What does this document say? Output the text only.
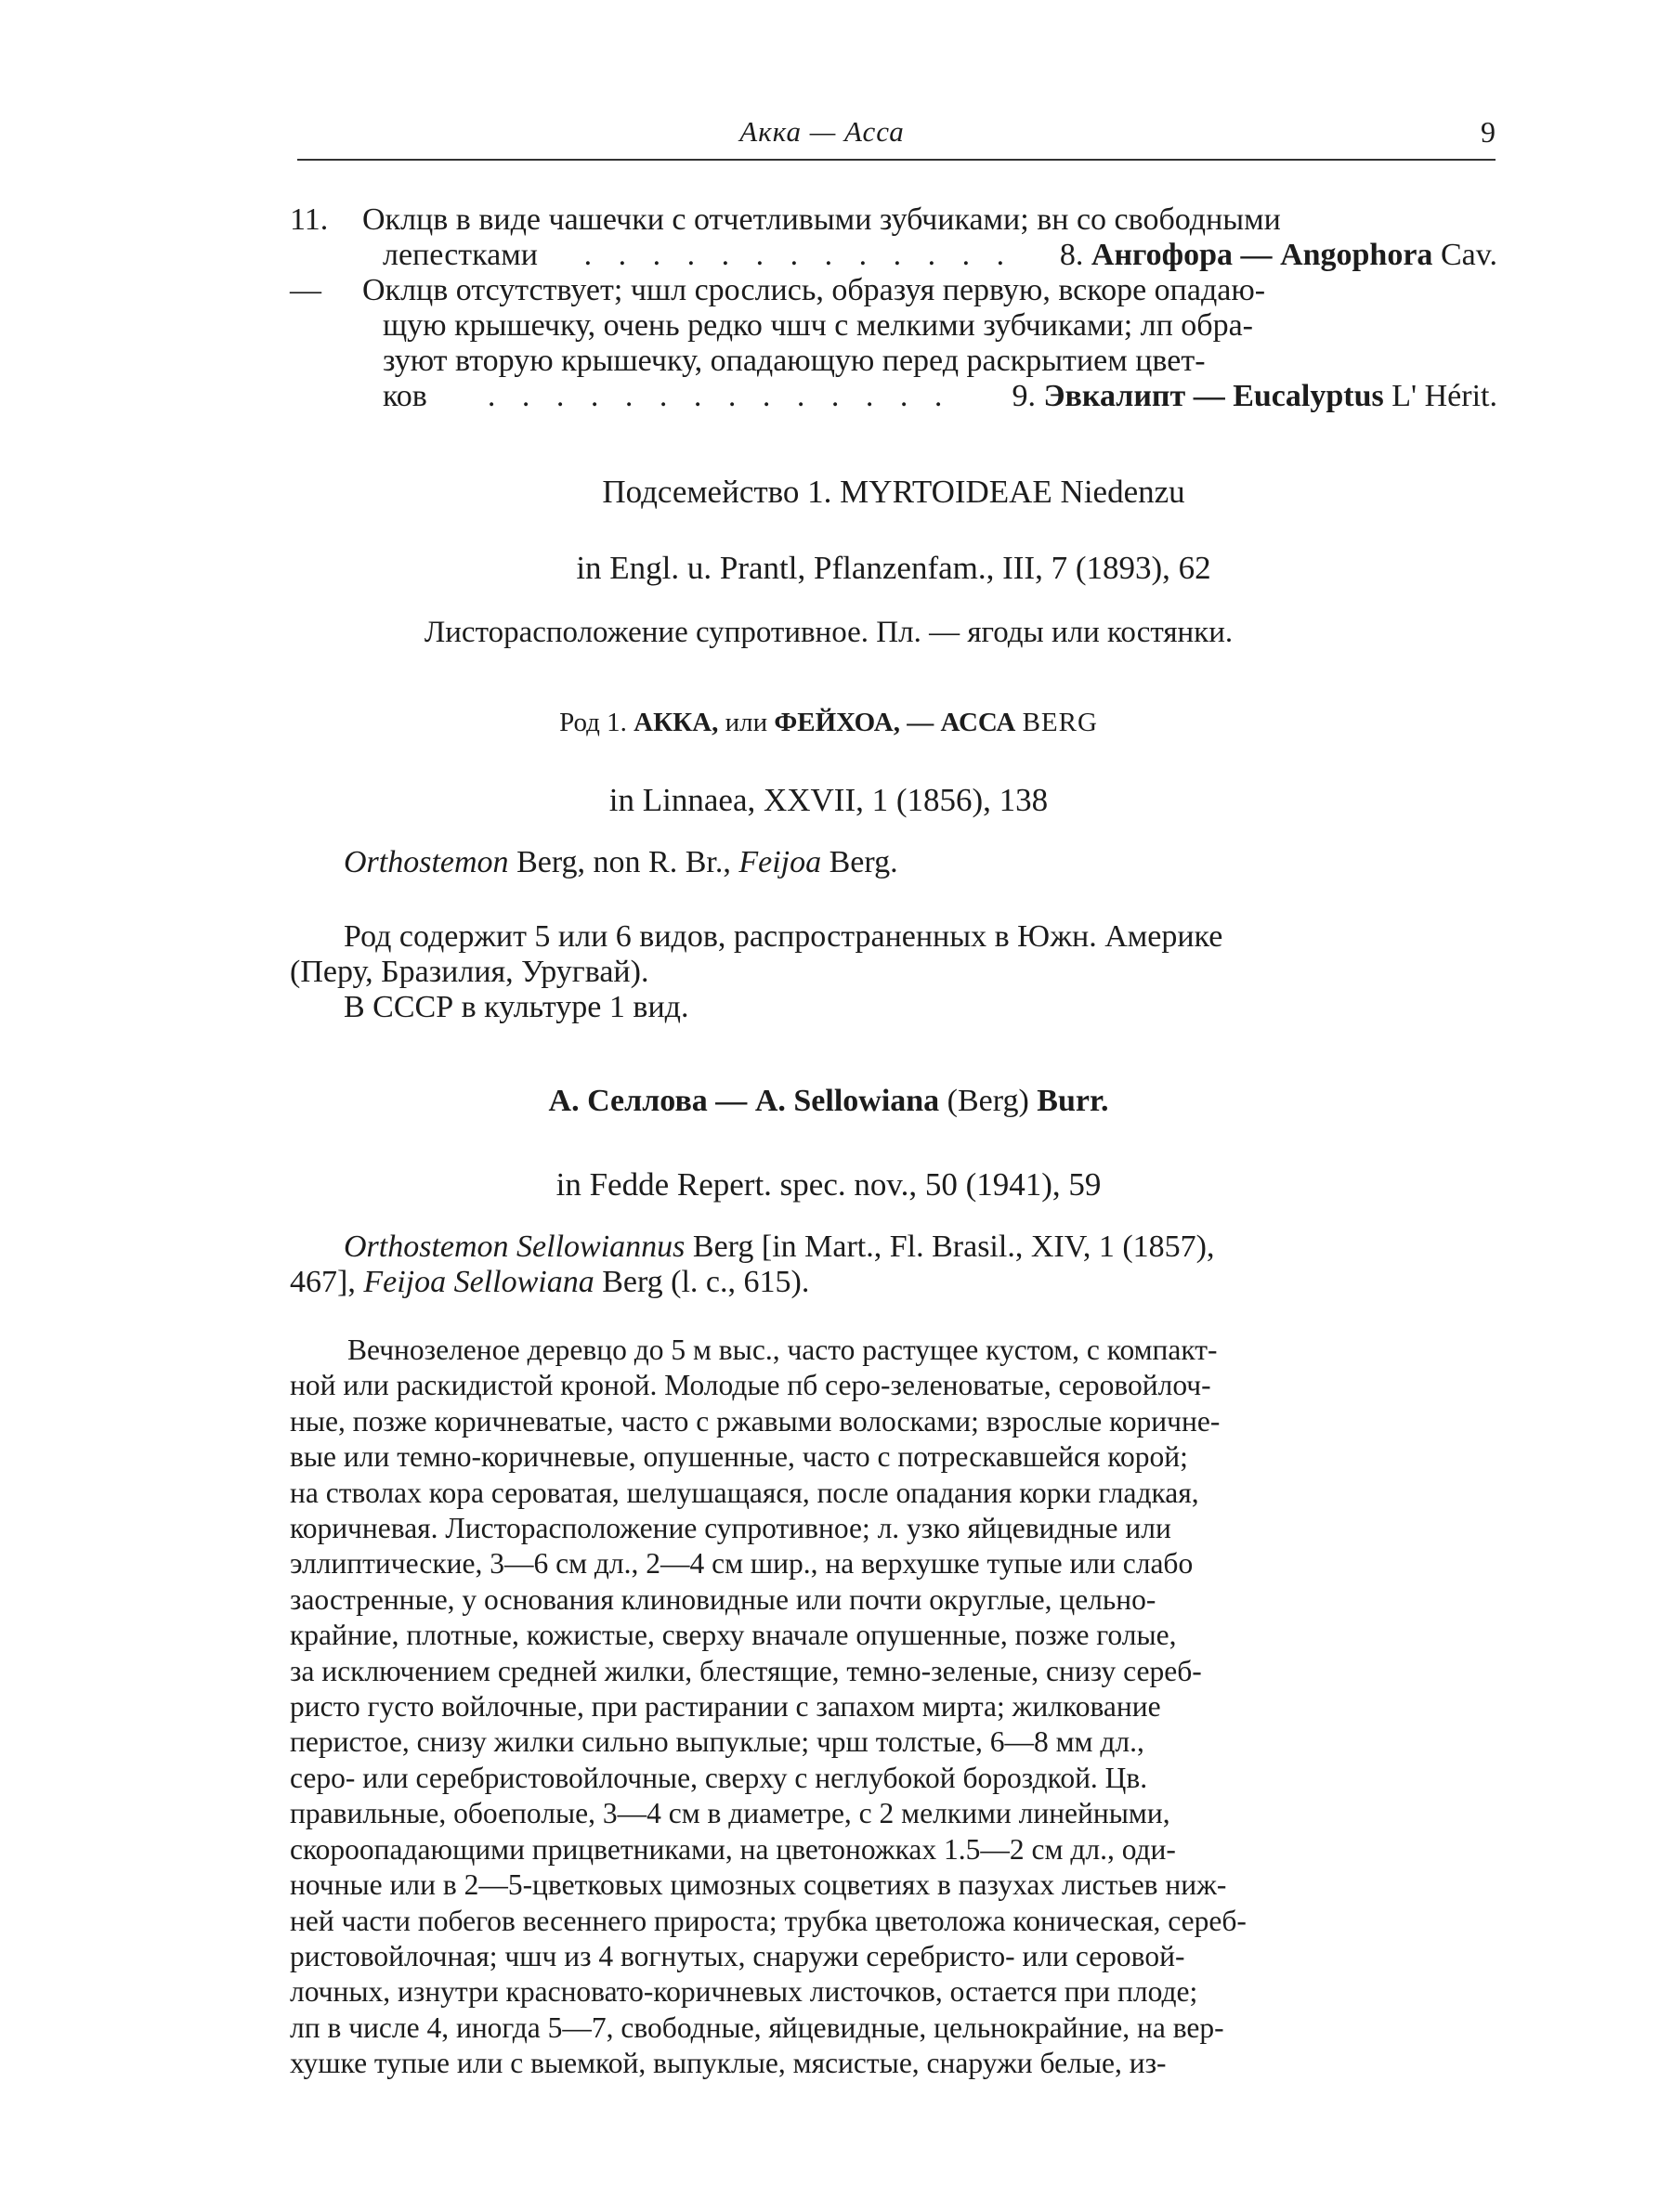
Акка — Асса	9
11. Оклцв в виде чашечки с отчетливыми зубчиками; вн со свободными
лепестками . . . . . . . . . . . . . 8. Ангофора — Angophora Cav.
— Оклцв отсутствует; чшл срослись, образуя первую, вскоре опадаю-
щую крышечку, очень редко чшч с мелкими зубчиками; лп обра-
зуют вторую крышечку, опадающую перед раскрытием цвет-
ков . . . . . . . . . . . . . . 9. Эвкалипт — Eucalyptus L' Hérit.
Подсемейство 1. MYRTOIDEAE Niedenzu
in Engl. u. Prantl, Pflanzenfam., III, 7 (1893), 62
Листорасположение супротивное. Пл. — ягоды или костянки.
Род 1. АККА, или ФЕЙХОА, — АССА BERG
in Linnaea, XXVII, 1 (1856), 138
Orthostemon Berg, non R. Br., Feijoa Berg.
Род содержит 5 или 6 видов, распространенных в Южн. Америке
(Перу, Бразилия, Уругвай).
В СССР в культуре 1 вид.
А. Селлова — A. Sellowiana (Berg) Burr.
in Fedde Repert. spec. nov., 50 (1941), 59
Orthostemon Sellowiannus Berg [in Mart., Fl. Brasil., XIV, 1 (1857),
467], Feijoa Sellowiana Berg (l. c., 615).
Вечнозеленое деревцо до 5 м выс., часто растущее кустом, с компакт-
ной или раскидистой кроной. Молодые пб серо-зеленоватые, серовойлоч-
ные, позже коричневатые, часто с ржавыми волосками; взрослые коричне-
вые или темно-коричневые, опушенные, часто с потрескавшейся корой;
на стволах кора сероватая, шелушащаяся, после опадания корки гладкая,
коричневая. Листорасположение супротивное; л. узко яйцевидные или
эллиптические, 3—6 см дл., 2—4 см шир., на верхушке тупые или слабо
заостренные, у основания клиновидные или почти округлые, цельно-
крайние, плотные, кожистые, сверху вначале опушенные, позже голые,
за исключением средней жилки, блестящие, темно-зеленые, снизу сереб-
ристо густо войлочные, при растирании с запахом мирта; жилкование
перистое, снизу жилки сильно выпуклые; чрш толстые, 6—8 мм дл.,
серо- или серебристовойлочные, сверху с неглубокой бороздкой. Цв.
правильные, обоеполые, 3—4 см в диаметре, с 2 мелкими линейными,
скороопадающими прицветниками, на цветоножках 1.5—2 см дл., оди-
ночные или в 2—5-цветковых цимозных соцветиях в пазухах листьев ниж-
ней части побегов весеннего прироста; трубка цветоложа коническая, сереб-
ристовойлочная; чшч из 4 вогнутых, снаружи серебристо- или серовой-
лочных, изнутри красновато-коричневых листочков, остается при плоде;
лп в числе 4, иногда 5—7, свободные, яйцевидные, цельнокрайние, на вер-
хушке тупые или с выемкой, выпуклые, мясистые, снаружи белые, из-
